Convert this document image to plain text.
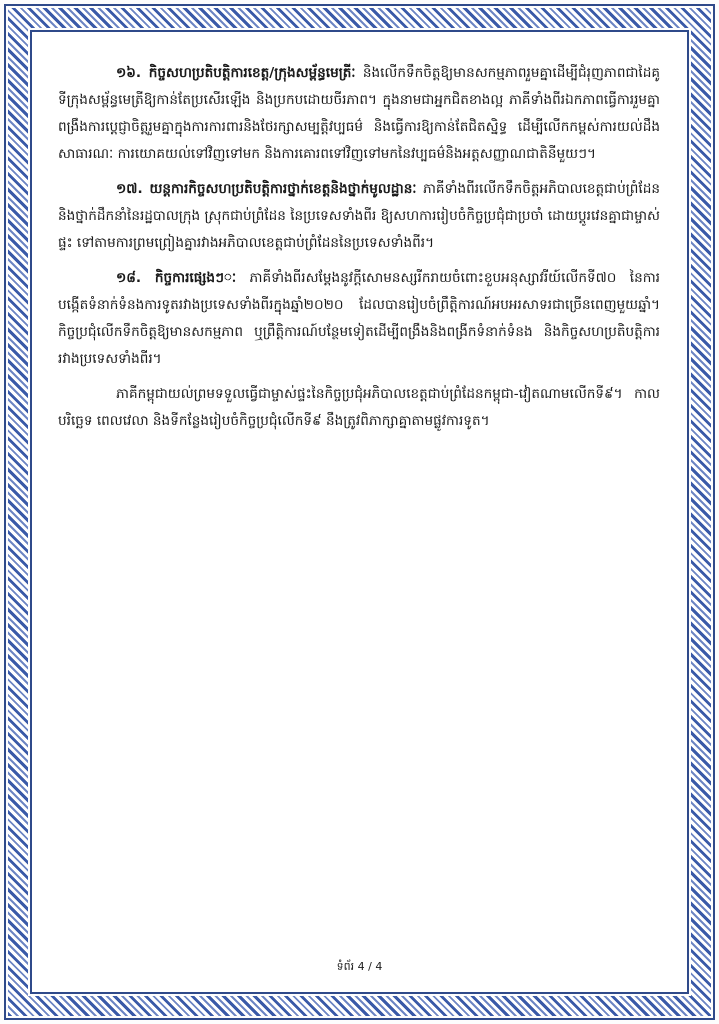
១៦. កិច្ចសហប្រតិបត្តិការខេត្ត/ក្រុងសម្ព័ន្ធមេត្រីៈ និងលើកទឹកចិត្តឱ្យមានសកម្មភាពរួមគ្នាដើម្បីជំរុញភាពជាដៃគូទីក្រុងសម្ព័ន្ធមេត្រីឱ្យកាន់តែប្រសើរឡើង និងប្រកបដោយចីរភាព។ ក្នុងនាមជាអ្នកជិតខាងល្អ ភាគីទាំងពីរឯកភាពធ្វើការរួមគ្នាពង្រឹងការប្តេជ្ញាចិត្តរួមគ្នាក្នុងការការពារនិងថែរក្សាសម្បត្តិវប្បធម៌ និងធ្វើការឱ្យកាន់តែជិតស្និទ្ធ ដើម្បីលើកកម្ពស់ការយល់ដឹងសាធារណៈ ការយោគយល់ទៅវិញទៅមក និងការគោរពទៅវិញទៅមកនៃវប្បធម៌និងអត្តសញ្ញាណជាតិនីមួយៗ។

១៧. យន្តការកិច្ចសហប្រតិបត្តិការថ្នាក់ខេត្តនិងថ្នាក់មូលដ្ឋានៈ ភាគីទាំងពីរលើកទឹកចិត្តអភិបាលខេត្តជាប់ព្រំដែន និងថ្នាក់ដឹកនាំនៃរដ្ឋបាលក្រុង ស្រុកជាប់ព្រំដែន នៃប្រទេសទាំងពីរ ឱ្យសហការរៀបចំកិច្ចប្រជុំជាប្រចាំ ដោយប្តូរវេនគ្នាជាម្ចាស់ផ្ទះ ទៅតាមការព្រមព្រៀងគ្នារវាងអភិបាលខេត្តជាប់ព្រំដែននៃប្រទេសទាំងពីរ។

១៨. កិច្ចការផ្សេងៗៈ ភាគីទាំងពីរសម្តែងនូវក្តីសោមនស្សរីករាយចំពោះខួបអនុស្សាវរីយ៍លើកទី៧០ នៃការបង្កើតទំនាក់ទំនងការទូតរវាងប្រទេសទាំងពីរក្នុងឆ្នាំ២០២០ ដែលបានរៀបចំព្រឹត្តិការណ៍អបអរសាទរជាច្រើនពេញមួយឆ្នាំ។ កិច្ចប្រជុំលើកទឹកចិត្តឱ្យមានសកម្មភាព ឬព្រឹត្តិការណ៍បន្ថែមទៀតដើម្បីពង្រឹងនិងពង្រីកទំនាក់ទំនង និងកិច្ចសហប្រតិបត្តិការរវាងប្រទេសទាំងពីរ។

ភាគីកម្ពុជាយល់ព្រមទទួលធ្វើជាម្ចាស់ផ្ទះនៃកិច្ចប្រជុំអភិបាលខេត្តជាប់ព្រំដែនកម្ពុជា-វៀតណាមលើកទី៩។ កាលបរិច្ឆេទ ពេលវេលា និងទីកន្លែងរៀបចំកិច្ចប្រជុំលើកទី៩ នឹងត្រូវពិភាក្សាគ្នាតាមផ្លូវការទូត។

ទំព័រ 4 / 4
